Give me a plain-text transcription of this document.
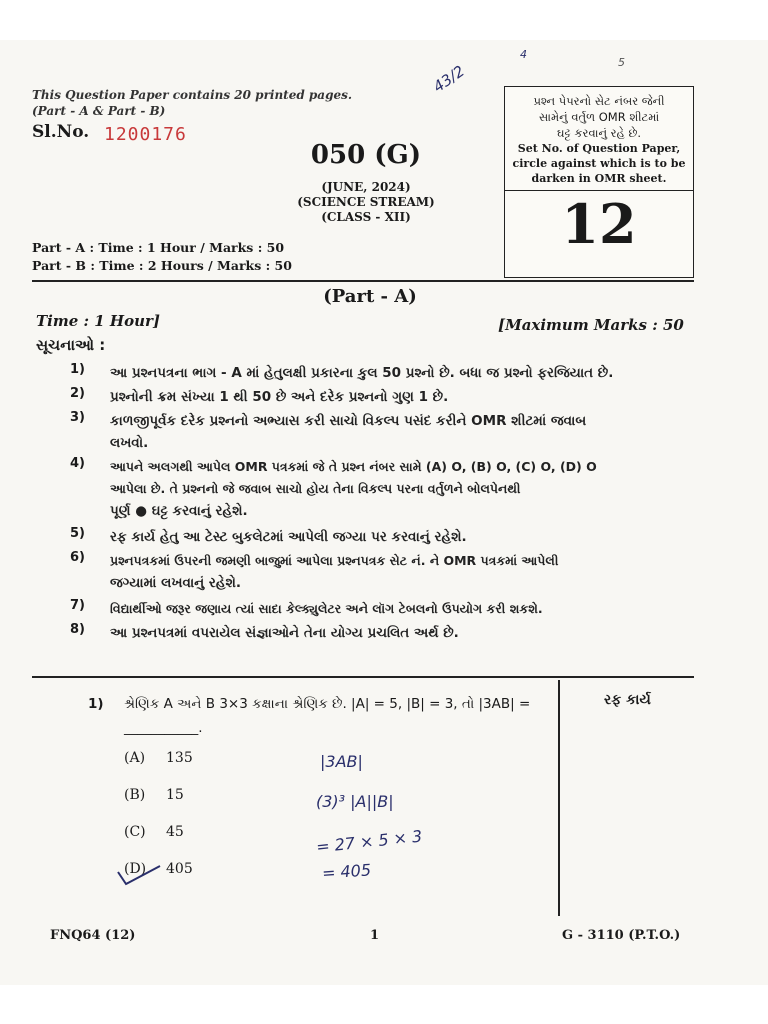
This Question Paper contains 20 printed pages.
(Part - A & Part - B)
Sl.No. 1200176
43/2
4
5
050 (G)
(JUNE, 2024)
(SCIENCE STREAM)
(CLASS - XII)
પ્રશ્ન પેપરનો સેટ નંબર જેની
સામેનું વર્તુળ OMR શીટમાં
ઘટ્ટ કરવાનું રહે છે.
Set No. of Question Paper,
circle against which is to be
darken in OMR sheet.
12
Part - A : Time : 1 Hour / Marks : 50
Part - B : Time : 2 Hours / Marks : 50
(Part - A)
Time : 1 Hour]	[Maximum Marks : 50
સૂચનાઓ :
1)	આ પ્રશ્નપત્રના ભાગ - A માં હેતુલક્ષી પ્રકારના કુલ 50 પ્રશ્નો છે. બધા જ પ્રશ્નો ફરજિયાત છે.
2)	પ્રશ્નોની ક્રમ સંખ્યા 1 થી 50 છે અને દરેક પ્રશ્નનો ગુણ 1 છે.
3)	કાળજીપૂર્વક દરેક પ્રશ્નનો અભ્યાસ કરી સાચો વિકલ્પ પસંદ કરીને OMR શીટમાં જવાબ
લખવો.
4)	આપને અલગથી આપેલ OMR પત્રકમાં જે તે પ્રશ્ન નંબર સામે (A) O, (B) O, (C) O, (D) O
આપેલા છે. તે પ્રશ્નનો જે જવાબ સાચો હોય તેના વિકલ્પ પરના વર્તુળને બોલપેનથી
પૂર્ણ ● ઘટ્ટ કરવાનું રહેશે.
5)	રફ કાર્ય હેતુ આ ટેસ્ટ બુકલેટમાં આપેલી જગ્યા પર કરવાનું રહેશે.
6)	પ્રશ્નપત્રકમાં ઉપરની જમણી બાજુમાં આપેલા પ્રશ્નપત્રક સેટ નં. ને OMR પત્રકમાં આપેલી
જગ્યામાં લખવાનું રહેશે.
7)	વિદ્યાર્થીઓ જરૂર જણાય ત્યાં સાદા કેલ્ક્યુલેટર અને લૉગ ટેબલનો ઉપયોગ કરી શકશે.
8)	આ પ્રશ્નપત્રમાં વપરાયેલ સંજ્ઞાઓને તેના યોગ્ય પ્રચલિત અર્થ છે.
રફ કાર્ય
1) શ્રેણિક A અને B 3×3 કક્ષાના શ્રેણિક છે. |A| = 5, |B| = 3, તો |3AB| =
___________.
(A)	135
(B)	15
(C)	45
(D)	405
|3AB|
(3)³ |A||B|
= 27 × 5 × 3
= 405
FNQ64 (12)	1	G - 3110 (P.T.O.)
